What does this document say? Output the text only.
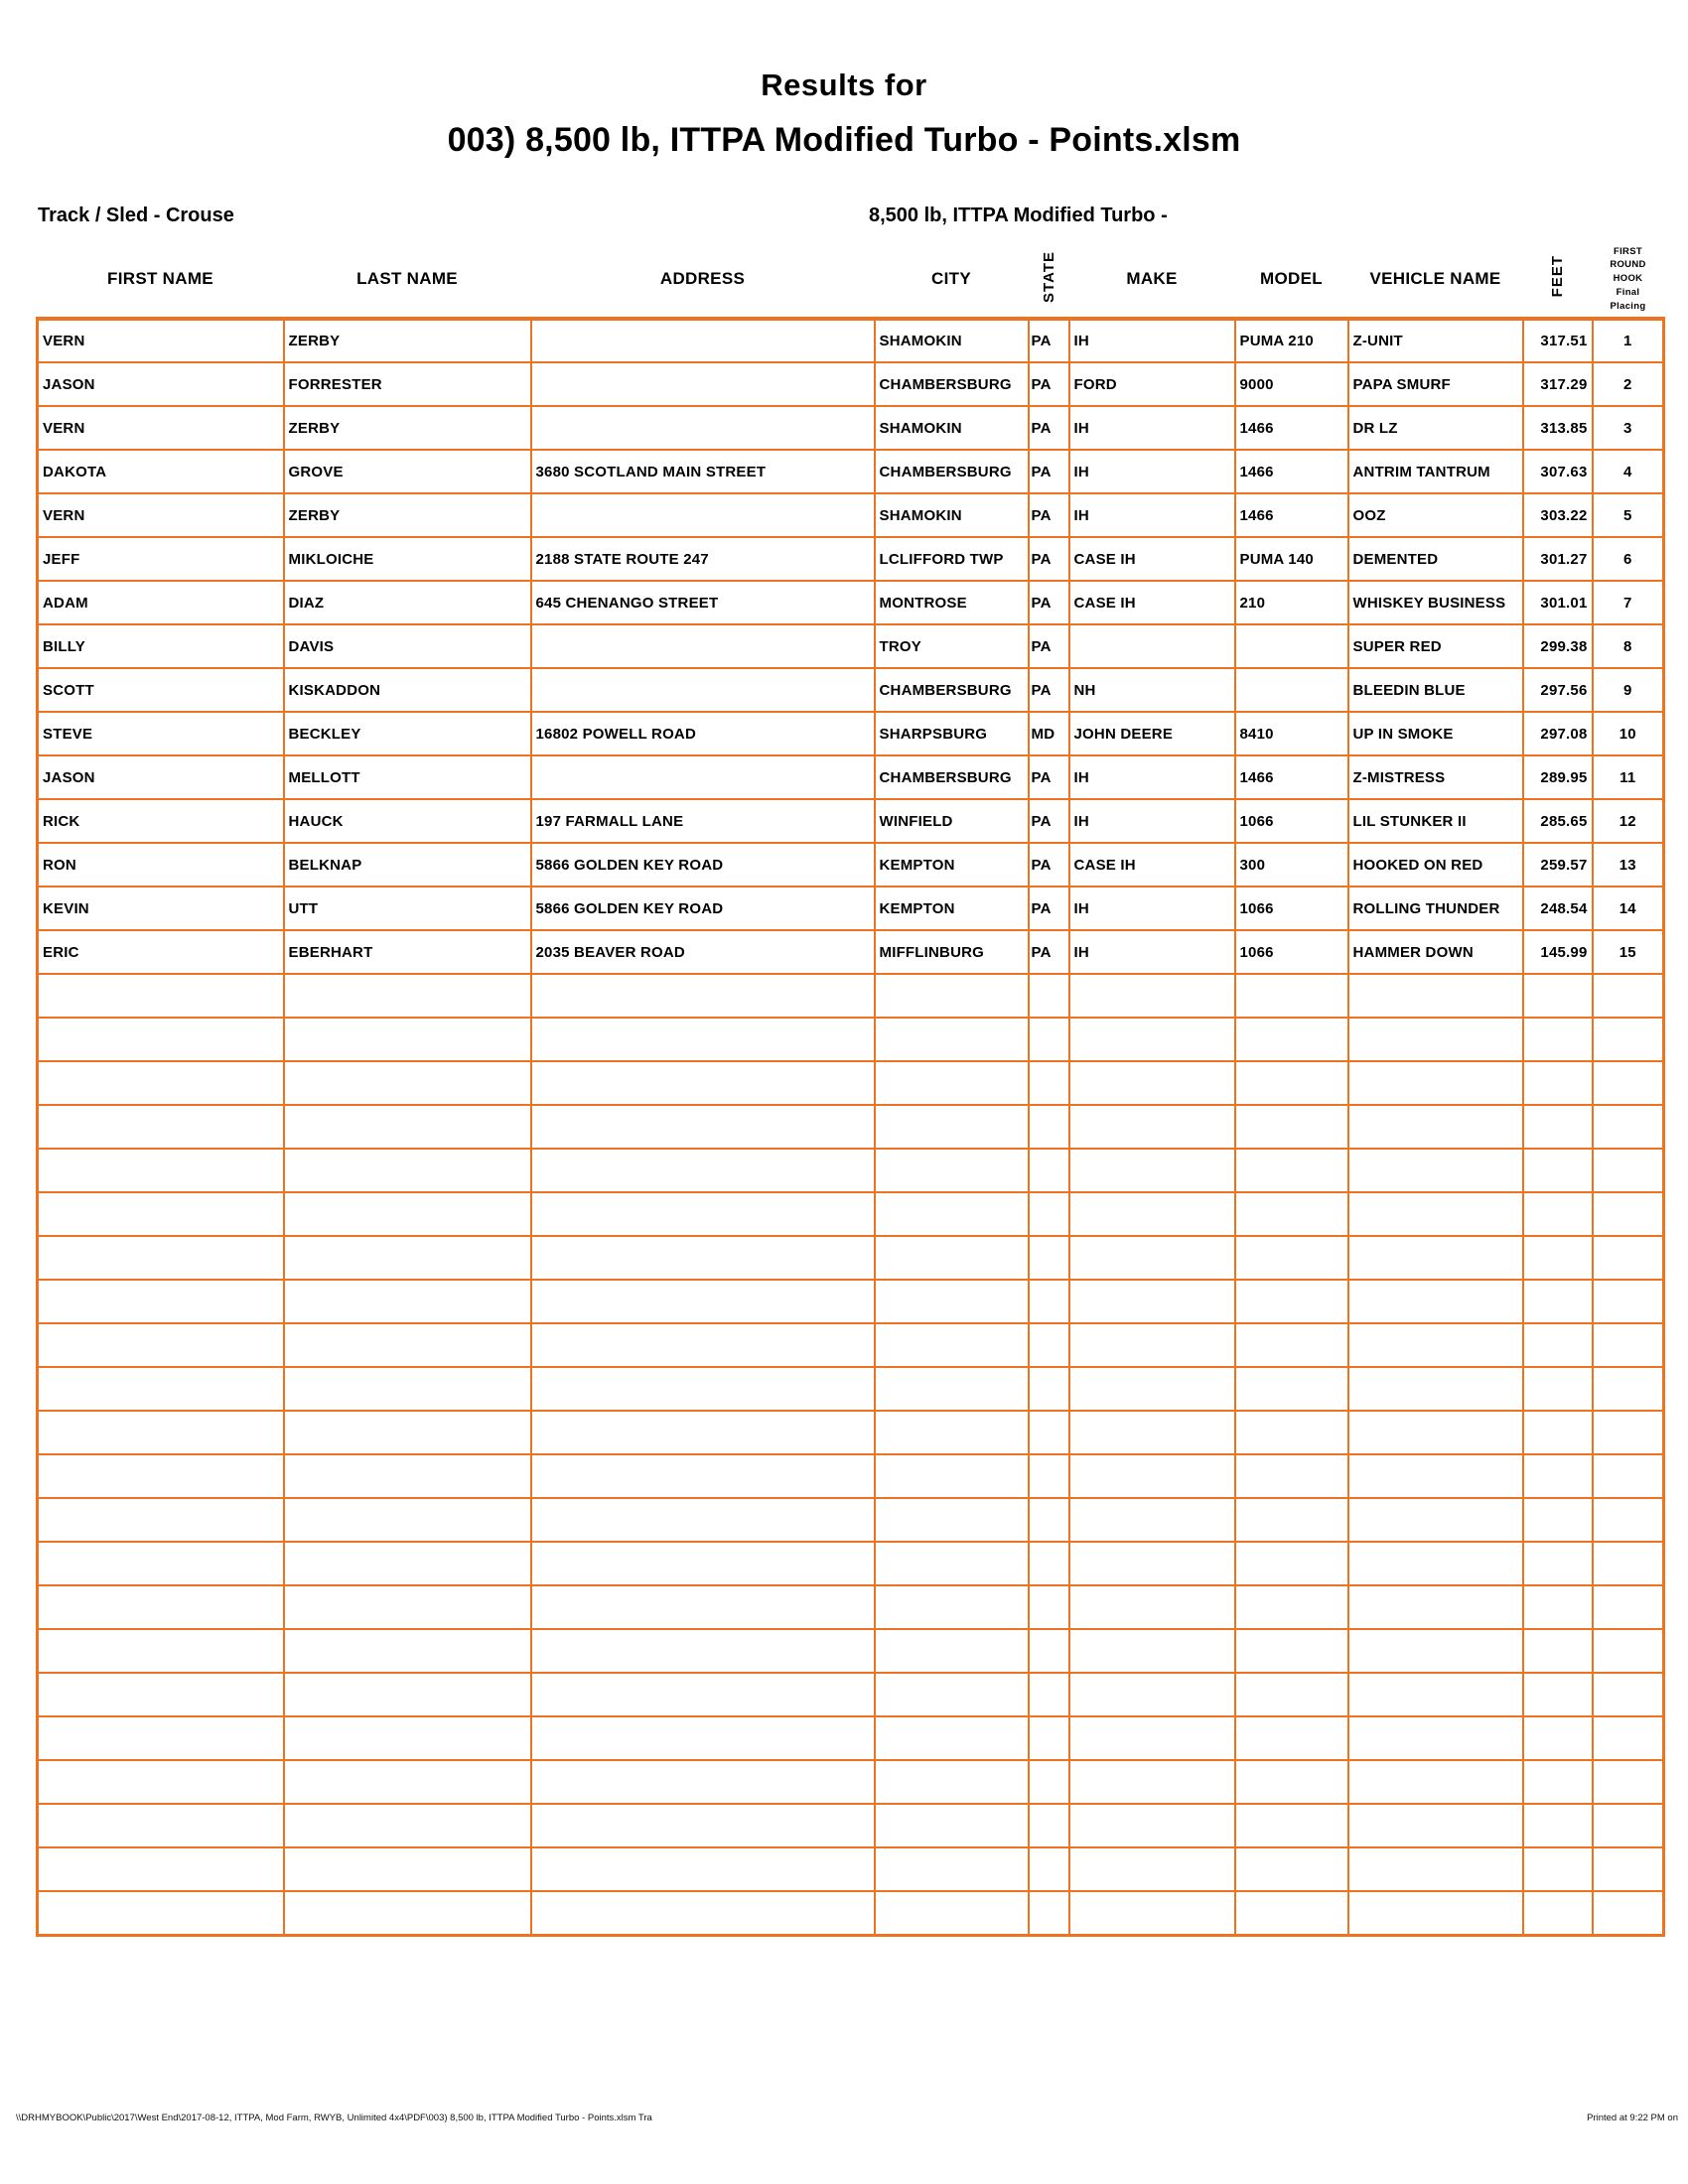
Results for
003) 8,500 lb, ITTPA Modified Turbo - Points.xlsm
Track / Sled - Crouse	8,500 lb, ITTPA Modified Turbo -
FIRST NAME	LAST NAME	ADDRESS	CITY	STATE	MAKE	MODEL	VEHICLE NAME	FEET	FIRST
ROUND
HOOK
Final
Placing

VERN	ZERBY		SHAMOKIN	PA	IH	PUMA 210	Z-UNIT	317.51	1
JASON	FORRESTER		CHAMBERSBURG	PA	FORD	9000	PAPA SMURF	317.29	2
VERN	ZERBY		SHAMOKIN	PA	IH	1466	DR LZ	313.85	3
DAKOTA	GROVE	3680 SCOTLAND MAIN STREET	CHAMBERSBURG	PA	IH	1466	ANTRIM TANTRUM	307.63	4
VERN	ZERBY		SHAMOKIN	PA	IH	1466	OOZ	303.22	5
JEFF	MIKLOICHE	2188 STATE ROUTE 247	LCLIFFORD TWP	PA	CASE IH	PUMA 140	DEMENTED	301.27	6
ADAM	DIAZ	645 CHENANGO STREET	MONTROSE	PA	CASE IH	210	WHISKEY BUSINESS	301.01	7
BILLY	DAVIS		TROY	PA			SUPER RED	299.38	8
SCOTT	KISKADDON		CHAMBERSBURG	PA	NH		BLEEDIN BLUE	297.56	9
STEVE	BECKLEY	16802 POWELL ROAD	SHARPSBURG	MD	JOHN DEERE	8410	UP IN SMOKE	297.08	10
JASON	MELLOTT		CHAMBERSBURG	PA	IH	1466	Z-MISTRESS	289.95	11
RICK	HAUCK	197 FARMALL LANE	WINFIELD	PA	IH	1066	LIL STUNKER II	285.65	12
RON	BELKNAP	5866 GOLDEN KEY ROAD	KEMPTON	PA	CASE IH	300	HOOKED ON RED	259.57	13
KEVIN	UTT	5866 GOLDEN KEY ROAD	KEMPTON	PA	IH	1066	ROLLING THUNDER	248.54	14
ERIC	EBERHART	2035 BEAVER ROAD	MIFFLINBURG	PA	IH	1066	HAMMER DOWN	145.99	15

\\DRHMYBOOK\Public\2017\West End\2017-08-12, ITTPA, Mod Farm, RWYB, Unlimited 4x4\PDF\003) 8,500 lb, ITTPA Modified Turbo - Points.xlsm Tra	Printed at 9:22 PM on
